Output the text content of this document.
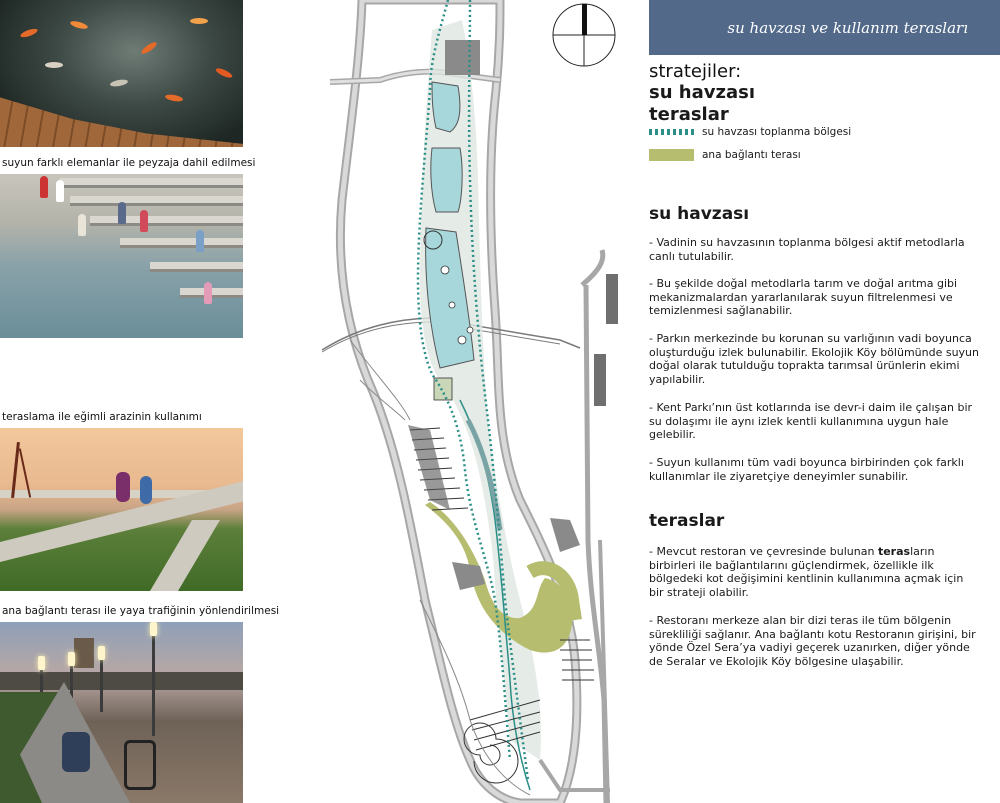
suyun farklı elemanlar ile peyzaja dahil edilmesi
teraslama ile eğimli arazinin kullanımı
ana bağlantı terası ile yaya trafiğinin yönlendirilmesi
su havzası ve kullanım terasları
stratejiler:
su havzası
teraslar
su havzası toplanma bölgesi
ana bağlantı terası
su havzası
- Vadinin su havzasının toplanma bölgesi aktif metodlarla canlı tutulabilir.
- Bu şekilde doğal metodlarla tarım ve doğal arıtma gibi mekanizmalardan yararlanılarak suyun filtrelenmesi ve temizlenmesi sağlanabilir.
- Parkın merkezinde bu korunan su varlığının vadi boyunca oluşturduğu izlek bulunabilir. Ekolojik Köy bölümünde suyun doğal olarak tutulduğu toprakta tarımsal ürünlerin ekimi yapılabilir.
- Kent Parkı’nın üst kotlarında ise devr-i daim ile çalışan bir su dolaşımı ile aynı izlek kentli kullanımına uygun hale gelebilir.
- Suyun kullanımı tüm vadi boyunca birbirinden çok farklı kullanımlar ile ziyaretçiye deneyimler sunabilir.
teraslar
- Mevcut restoran ve çevresinde bulunan terasların birbirleri ile bağlantılarını güçlendirmek, özellikle ilk bölgedeki kot değişimini kentlinin kullanımına açmak için bir strateji olabilir.
- Restoranı merkeze alan bir dizi teras ile tüm bölgenin sürekliliği sağlanır. Ana bağlantı kotu Restoranın girişini, bir yönde Özel Sera’ya vadiyi geçerek uzanırken, diğer yönde de Seralar ve Ekolojik Köy bölgesine ulaşabilir.
